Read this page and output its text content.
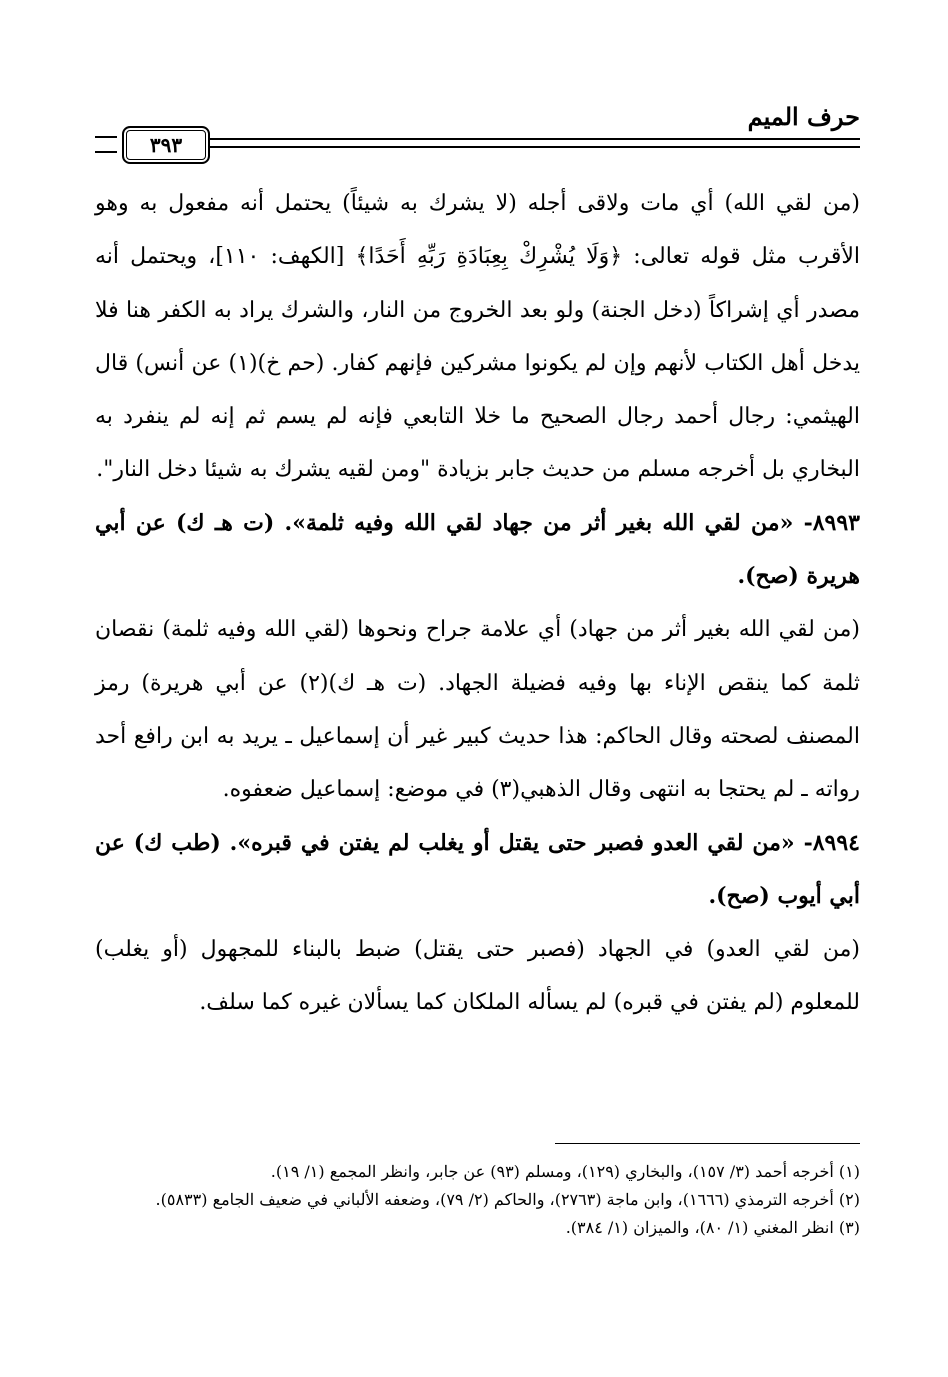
حرف الميم
٣٩٣

(من لقي الله) أي مات ولاقى أجله (لا يشرك به شيئاً) يحتمل أنه مفعول به وهو الأقرب مثل قوله تعالى: ﴿وَلَا يُشْرِكْ بِعِبَادَةِ رَبِّهِ أَحَدًا﴾ [الكهف: ١١٠]، ويحتمل أنه مصدر أي إشراكاً (دخل الجنة) ولو بعد الخروج من النار، والشرك يراد به الكفر هنا فلا يدخل أهل الكتاب لأنهم وإن لم يكونوا مشركين فإنهم كفار. (حم خ)(١) عن أنس) قال الهيثمي: رجال أحمد رجال الصحيح ما خلا التابعي فإنه لم يسم ثم إنه لم ينفرد به البخاري بل أخرجه مسلم من حديث جابر بزيادة "ومن لقيه يشرك به شيئا دخل النار".

٨٩٩٣- «من لقي الله بغير أثر من جهاد لقي الله وفيه ثلمة». (ت هـ ك) عن أبي هريرة (صح).

(من لقي الله بغير أثر من جهاد) أي علامة جراح ونحوها (لقي الله وفيه ثلمة) نقصان ثلمة كما ينقص الإناء بها وفيه فضيلة الجهاد. (ت هـ ك)(٢) عن أبي هريرة) رمز المصنف لصحته وقال الحاكم: هذا حديث كبير غير أن إسماعيل ـ يريد به ابن رافع أحد رواته ـ لم يحتجا به انتهى وقال الذهبي(٣) في موضع: إسماعيل ضعفوه.

٨٩٩٤- «من لقي العدو فصبر حتى يقتل أو يغلب لم يفتن في قبره». (طب ك) عن أبي أيوب (صح).

(من لقي العدو) في الجهاد (فصبر حتى يقتل) ضبط بالبناء للمجهول (أو يغلب) للمعلوم (لم يفتن في قبره) لم يسأله الملكان كما يسألان غيره كما سلف.

(١) أخرجه أحمد (٣/ ١٥٧)، والبخاري (١٢٩)، ومسلم (٩٣) عن جابر، وانظر المجمع (١/ ١٩).

(٢) أخرجه الترمذي (١٦٦٦)، وابن ماجة (٢٧٦٣)، والحاكم (٢/ ٧٩)، وضعفه الألباني في ضعيف الجامع (٥٨٣٣).

(٣) انظر المغني (١/ ٨٠)، والميزان (١/ ٣٨٤).
